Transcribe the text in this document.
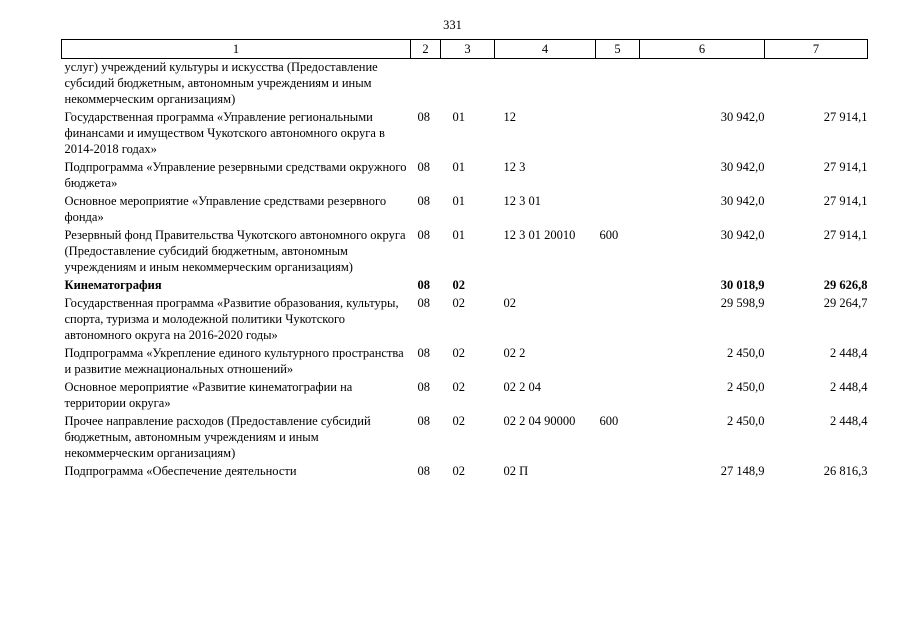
331
1	2	3	4	5	6	7
услуг) учреждений культуры и искусства (Предоставление субсидий бюджетным, автономным учреждениям и иным некоммерческим организациям)						
Государственная программа «Управление региональными финансами и имуществом Чукотского автономного округа в 2014-2018 годах»	08	01	12		30 942,0	27 914,1
Подпрограмма «Управление резервными средствами окружного бюджета»	08	01	12 3		30 942,0	27 914,1
Основное мероприятие «Управление средствами резервного фонда»	08	01	12 3 01		30 942,0	27 914,1
Резервный фонд Правительства Чукотского автономного округа (Предоставление субсидий бюджетным, автономным учреждениям и иным некоммерческим организациям)	08	01	12 3 01 20010	600	30 942,0	27 914,1
Кинематография	08	02			30 018,9	29 626,8
Государственная программа «Развитие образования, культуры, спорта, туризма и молодежной политики Чукотского автономного округа на 2016-2020 годы»	08	02	02		29 598,9	29 264,7
Подпрограмма «Укрепление единого культурного пространства и развитие межнациональных отношений»	08	02	02 2		2 450,0	2 448,4
Основное мероприятие «Развитие кинематографии на территории округа»	08	02	02 2 04		2 450,0	2 448,4
Прочее направление расходов (Предоставление субсидий бюджетным, автономным учреждениям и иным некоммерческим организациям)	08	02	02 2 04 90000	600	2 450,0	2 448,4
Подпрограмма «Обеспечение деятельности	08	02	02 П		27 148,9	26 816,3
